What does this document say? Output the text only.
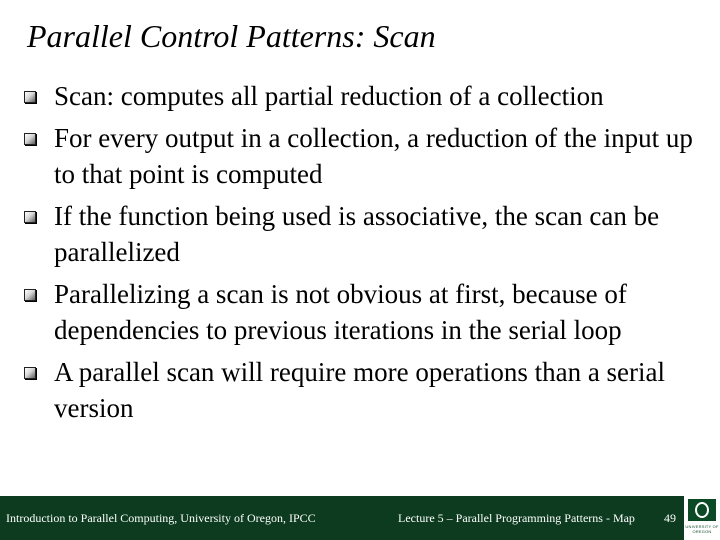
Parallel Control Patterns: Scan
Scan: computes all partial reduction of a collection
For every output in a collection, a reduction of the input up to that point is computed
If the function being used is associative, the scan can be parallelized
Parallelizing a scan is not obvious at first, because of dependencies to previous iterations in the serial loop
A parallel scan will require more operations than a serial version
Introduction to Parallel Computing, University of Oregon, IPCC	Lecture 5 – Parallel Programming Patterns - Map 49
UNIVERSITY OF OREGON
